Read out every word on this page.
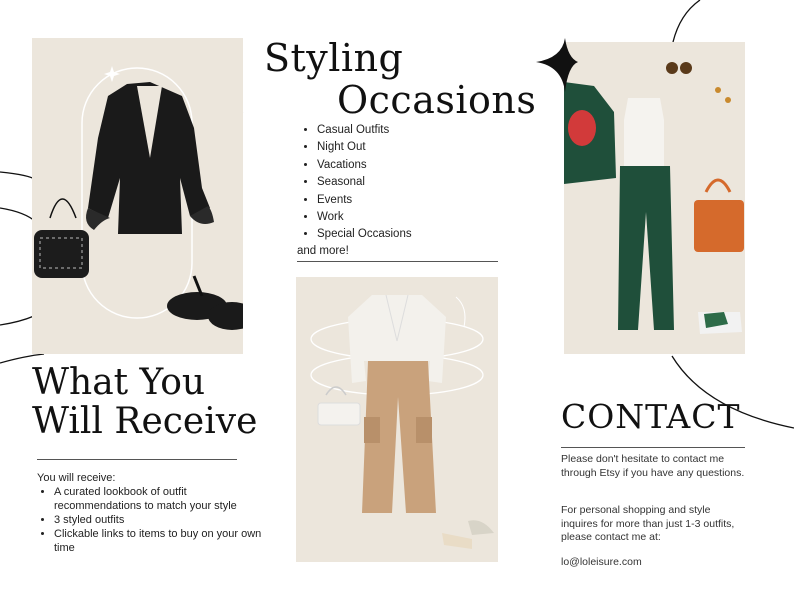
Styling
Occasions
• Casual Outfits
• Night Out
• Vacations
• Seasonal
• Events
• Work
• Special Occasions
and more!
What You
Will Receive
You will receive:
• A curated lookbook of outfit recommendations to match your style
• 3 styled outfits
• Clickable links to items to buy on your own time
CONTACT
Please don't hesitate to contact me through Etsy if you have any questions.
For personal shopping and style inquires for more than just 1-3 outfits, please contact me at:
lo@loleisure.com
